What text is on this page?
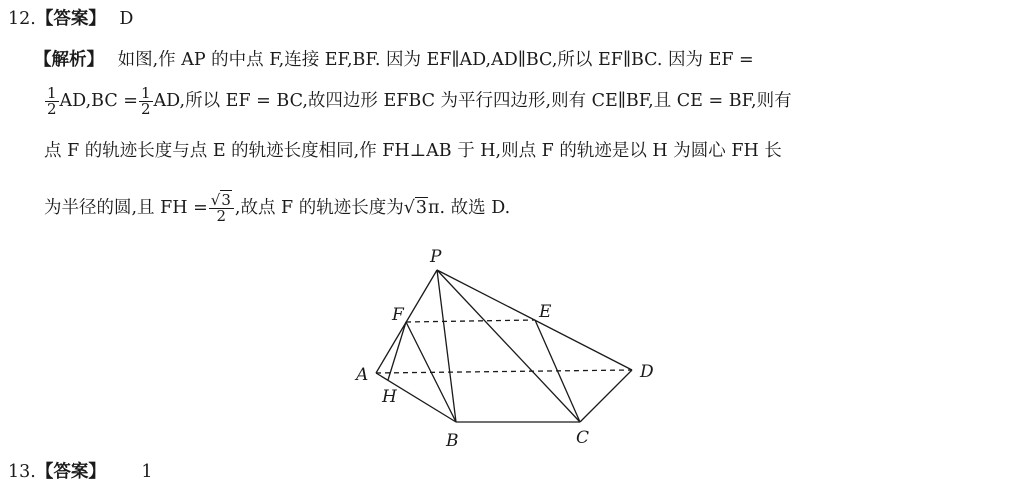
12.【答案】 D
【解析】 如图,作 AP 的中点 F,连接 EF,BF. 因为 EF∥AD,AD∥BC,所以 EF∥BC. 因为 EF =
$\frac{1}{2} AD,BC = \frac{1}{2}$ AD,所以 EF = BC,故四边形 EFBC 为平行四边形,则有 CE∥BF,且 CE = BF,则有
点 F 的轨迹长度与点 E 的轨迹长度相同,作 FH⊥AB 于 H,则点 F 的轨迹是以 H 为圆心 FH 长
为半径的圆,且 FH = $\frac{√3}{2}$ ,故点 F 的轨迹长度为√3π. 故选 D.
P
F	E
A	D
H
B	C
13.【答案】 1
